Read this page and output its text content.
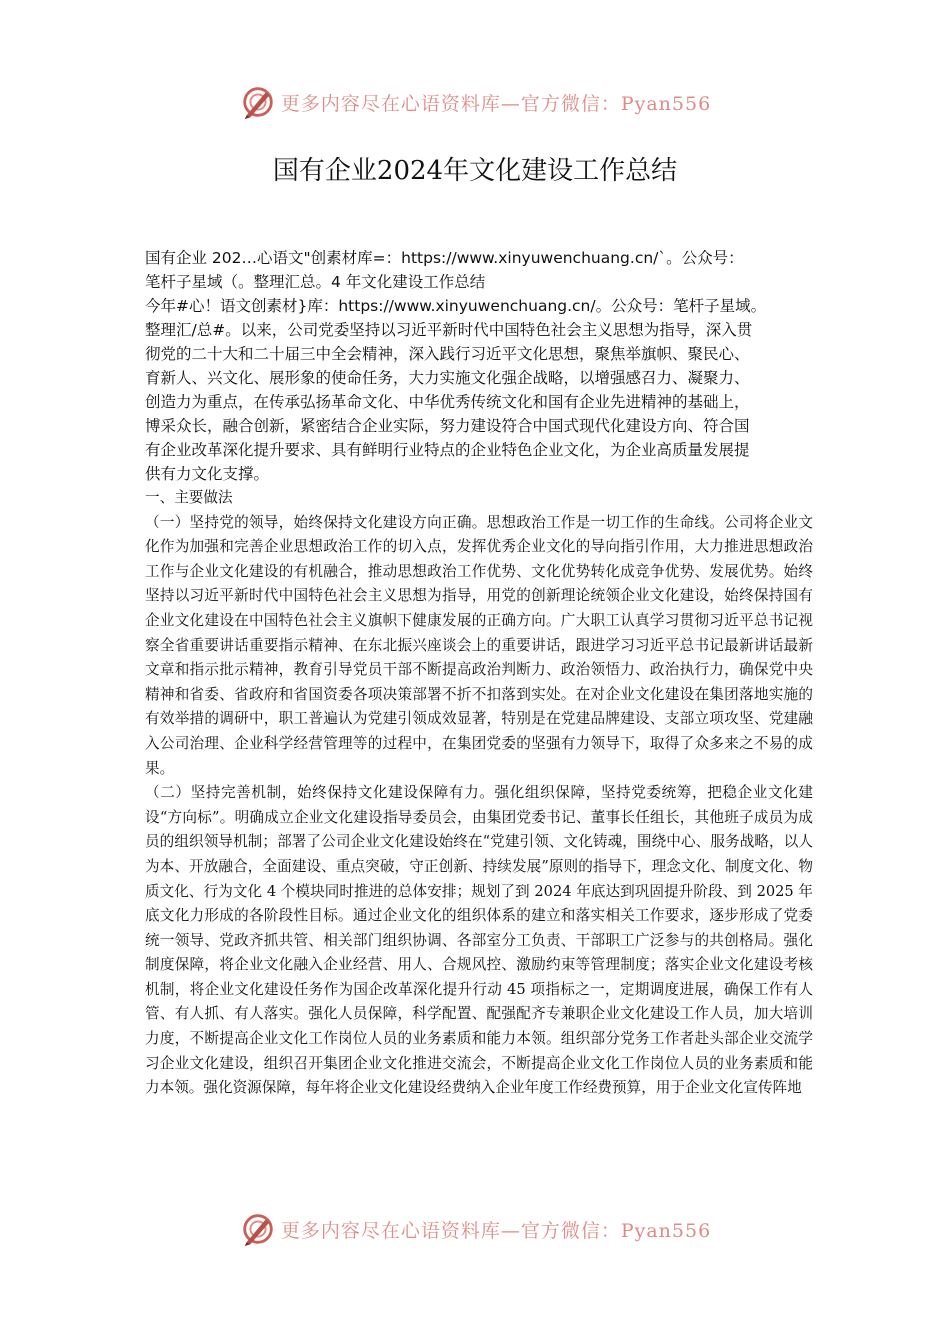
更多内容尽在心语资料库—官方微信：Pyan556
国有企业2024年文化建设工作总结

国有企业 202…心语文"创素材库=：https://www.xinyuwenchuang.cn/`。公众号：

笔杆子星域（。整理汇总。4 年文化建设工作总结

今年#心！语文创素材}库：https://www.xinyuwenchuang.cn/。公众号：笔杆子星域。

整理汇/总#。以来，公司党委坚持以习近平新时代中国特色社会主义思想为指导，深入贯

彻党的二十大和二十届三中全会精神，深入践行习近平文化思想，聚焦举旗帜、聚民心、

育新人、兴文化、展形象的使命任务，大力实施文化强企战略，以增强感召力、凝聚力、

创造力为重点，在传承弘扬革命文化、中华优秀传统文化和国有企业先进精神的基础上，

博采众长，融合创新，紧密结合企业实际，努力建设符合中国式现代化建设方向、符合国

有企业改革深化提升要求、具有鲜明行业特点的企业特色企业文化，为企业高质量发展提

供有力文化支撑。

一、主要做法

（一）坚持党的领导，始终保持文化建设方向正确。思想政治工作是一切工作的生命线。公司将企业文化作为加强和完善企业思想政治工作的切入点，发挥优秀企业文化的导向指引作用，大力推进思想政治工作与企业文化建设的有机融合，推动思想政治工作优势、文化优势转化成竞争优势、发展优势。始终坚持以习近平新时代中国特色社会主义思想为指导，用党的创新理论统领企业文化建设，始终保持国有企业文化建设在中国特色社会主义旗帜下健康发展的正确方向。广大职工认真学习贯彻习近平总书记视察全省重要讲话重要指示精神、在东北振兴座谈会上的重要讲话，跟进学习习近平总书记最新讲话最新文章和指示批示精神，教育引导党员干部不断提高政治判断力、政治领悟力、政治执行力，确保党中央精神和省委、省政府和省国资委各项决策部署不折不扣落到实处。在对企业文化建设在集团落地实施的有效举措的调研中，职工普遍认为党建引领成效显著，特别是在党建品牌建设、支部立项攻坚、党建融入公司治理、企业科学经营管理等的过程中，在集团党委的坚强有力领导下，取得了众多来之不易的成果。

（二）坚持完善机制，始终保持文化建设保障有力。强化组织保障，坚持党委统筹，把稳企业文化建设“方向标”。明确成立企业文化建设指导委员会，由集团党委书记、董事长任组长，其他班子成员为成员的组织领导机制；部署了公司企业文化建设始终在“党建引领、文化铸魂，围绕中心、服务战略，以人为本、开放融合，全面建设、重点突破，守正创新、持续发展”原则的指导下，理念文化、制度文化、物质文化、行为文化 4 个模块同时推进的总体安排；规划了到 2024 年底达到巩固提升阶段、到 2025 年底文化力形成的各阶段性目标。通过企业文化的组织体系的建立和落实相关工作要求，逐步形成了党委统一领导、党政齐抓共管、相关部门组织协调、各部室分工负责、干部职工广泛参与的共创格局。强化制度保障，将企业文化融入企业经营、用人、合规风控、激励约束等管理制度；落实企业文化建设考核机制，将企业文化建设任务作为国企改革深化提升行动 45 项指标之一，定期调度进展，确保工作有人管、有人抓、有人落实。强化人员保障，科学配置、配强配齐专兼职企业文化建设工作人员，加大培训力度，不断提高企业文化工作岗位人员的业务素质和能力本领。组织部分党务工作者赴头部企业交流学习企业文化建设，组织召开集团企业文化推进交流会，不断提高企业文化工作岗位人员的业务素质和能力本领。强化资源保障，每年将企业文化建设经费纳入企业年度工作经费预算，用于企业文化宣传阵地

更多内容尽在心语资料库—官方微信：Pyan556
